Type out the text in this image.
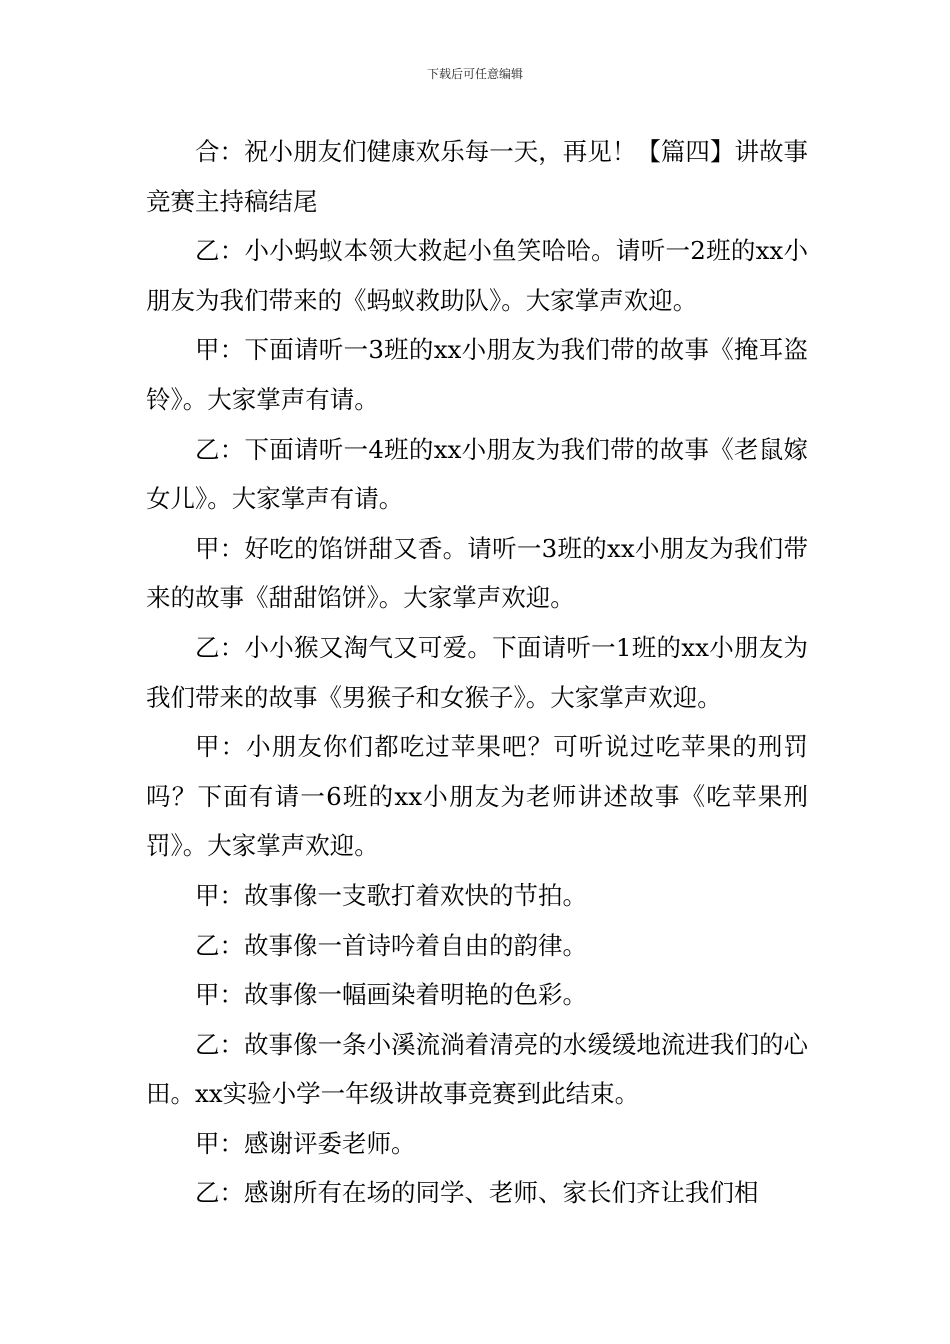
下载后可任意编辑

合：祝小朋友们健康欢乐每一天，再见！【篇四】讲故事竞赛主持稿结尾

乙：小小蚂蚁本领大救起小鱼笑哈哈。请听一2班的xx小朋友为我们带来的《蚂蚁救助队》。大家掌声欢迎。

甲：下面请听一3班的xx小朋友为我们带的故事《掩耳盗铃》。大家掌声有请。

乙：下面请听一4班的xx小朋友为我们带的故事《老鼠嫁女儿》。大家掌声有请。

甲：好吃的馅饼甜又香。请听一3班的xx小朋友为我们带来的故事《甜甜馅饼》。大家掌声欢迎。

乙：小小猴又淘气又可爱。下面请听一1班的xx小朋友为我们带来的故事《男猴子和女猴子》。大家掌声欢迎。

甲：小朋友你们都吃过苹果吧？可听说过吃苹果的刑罚吗？下面有请一6班的xx小朋友为老师讲述故事《吃苹果刑罚》。大家掌声欢迎。

甲：故事像一支歌打着欢快的节拍。

乙：故事像一首诗吟着自由的韵律。

甲：故事像一幅画染着明艳的色彩。

乙：故事像一条小溪流淌着清亮的水缓缓地流进我们的心田。xx实验小学一年级讲故事竞赛到此结束。

甲：感谢评委老师。

乙：感谢所有在场的同学、老师、家长们齐让我们相
